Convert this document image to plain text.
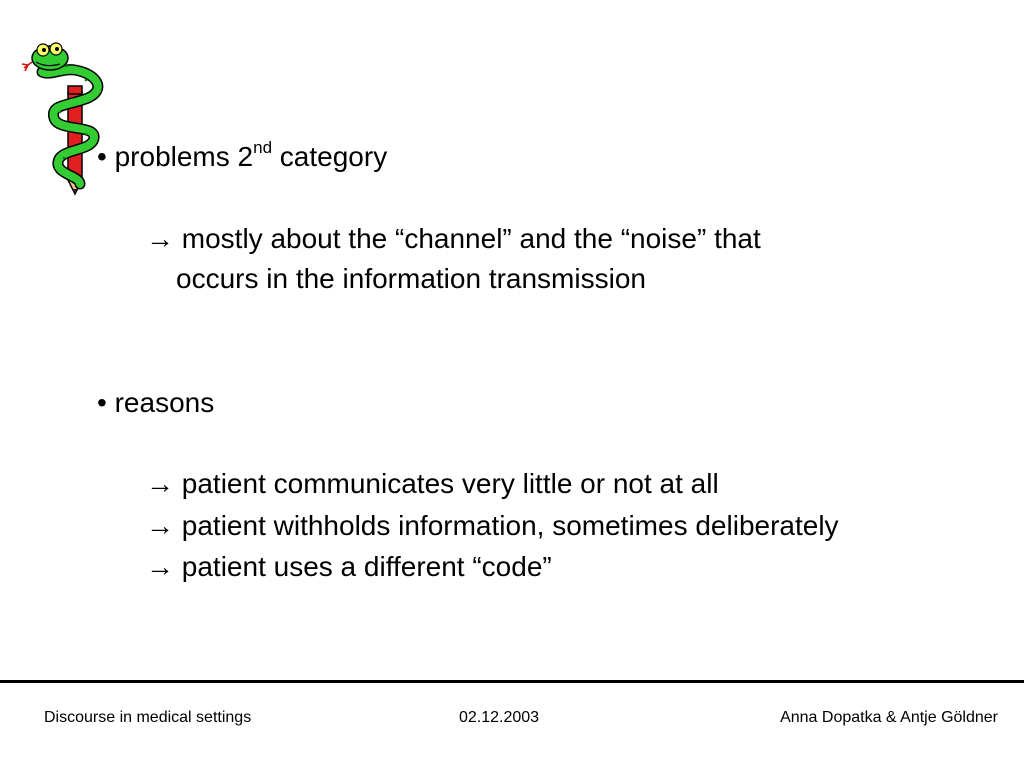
• problems 2nd category
→ mostly about the “channel” and the “noise” that
occurs in the information transmission
• reasons
→ patient communicates very little or not at all
→ patient withholds information, sometimes deliberately
→ patient uses a different “code”
Discourse in medical settings	02.12.2003	Anna Dopatka & Antje Göldner
